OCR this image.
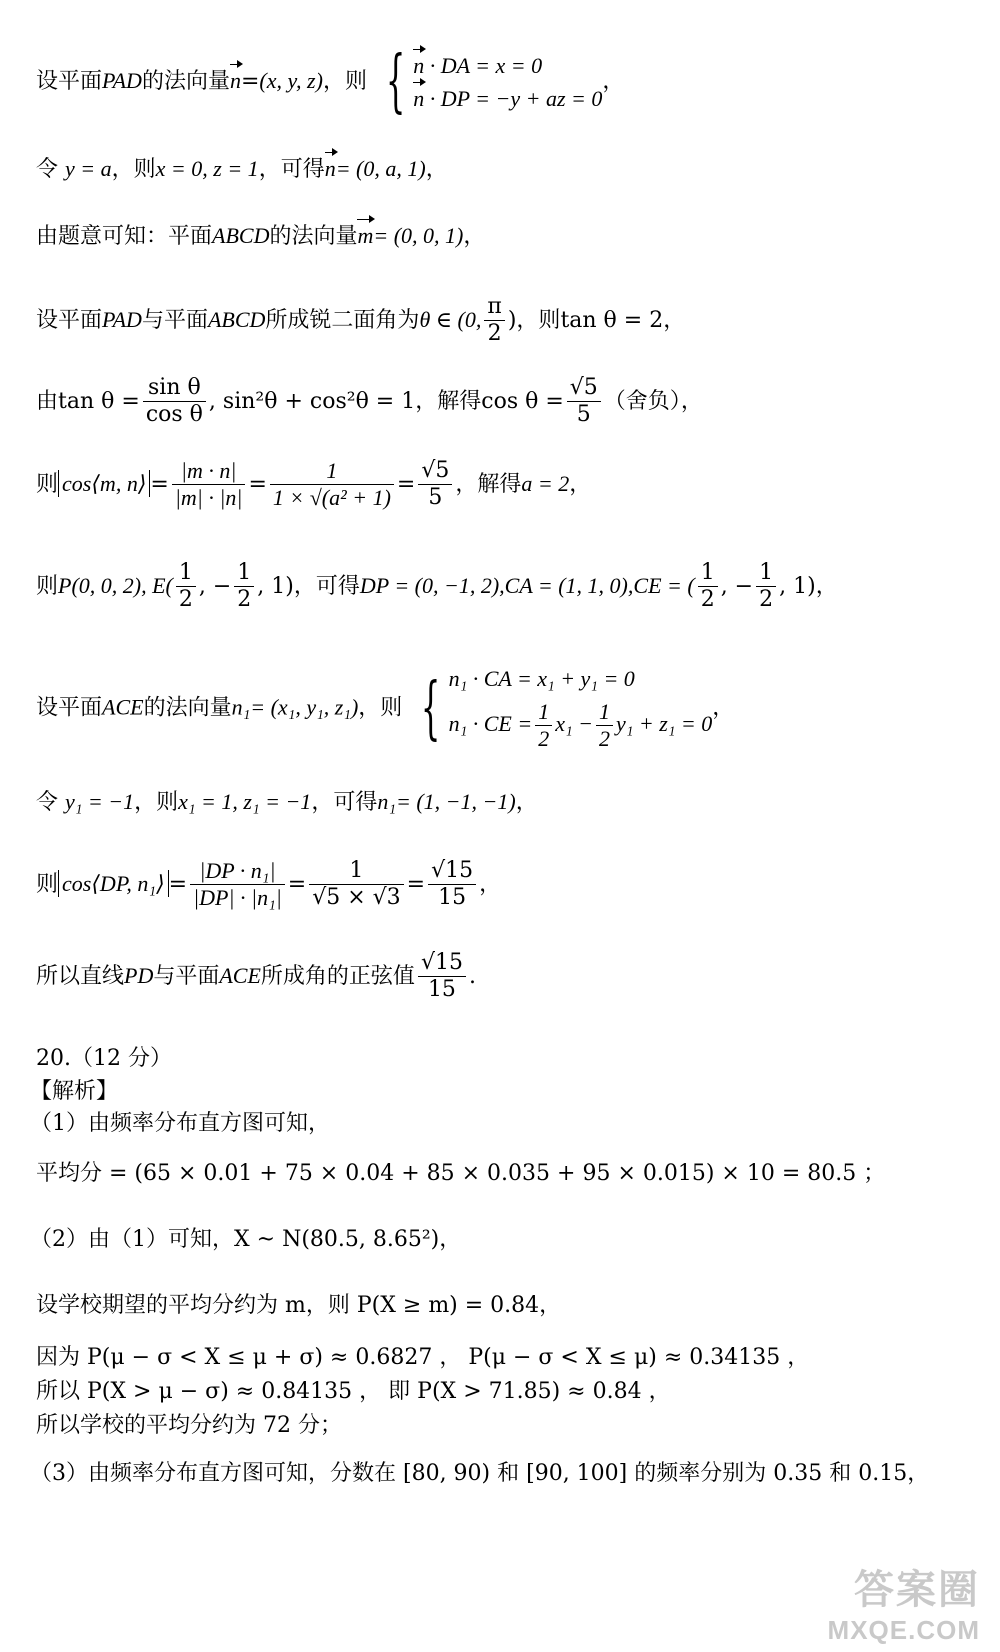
设平面PAD的法向量n=(x, y, z)，则 { n · DA = x = 0
n · DP = −y + az = 0
，
令 y = a，则x = 0, z = 1，可得n= (0, a, 1)，
由题意可知：平面ABCD的法向量m= (0, 0, 1)，
设平面PAD与平面ABCD所成锐二面角为θ ∈ (0, $\frac{\pi}{2}$ )，则tan θ = 2，
由$\tan \theta = \frac{\text{sin θ}}{\text{cos θ}}$ , sin²θ + cos²θ = 1，解得$\cos \theta = \frac{√5}{5}$ （舍负），
则 cos⟨m, n⟩ = $\frac{|m \cdot n|}{|m| \cdot |n|} = \frac{1}{\text{1 × √(a² + 1)}} = \frac{√5}{5}$ ，解得a = 2，
则P(0, 0, 2), $E( \frac{1}{2}$ , − $\frac{1}{2}$ , 1)，可得DP = (0, −1, 2),CA = (1, 1, 0),CE = ( $\frac{1}{2}$ , − $\frac{1}{2}$ , 1)，
设平面ACE的法向量n₁= (x₁, y₁, z₁)，则 { n₁ · CA = x₁ + y₁ = 0
n₁ · CE = $\frac{1}{2} x_1 - \frac{1}{2} y_1 + z_1 = 0$
，
令 y₁ = −1，则x₁ = 1, z₁ = −1，可得n₁= (1, −1, −1)，
则 cos⟨DP, n₁⟩ = $\frac{\text{|DP · n₁|}}{\text{|DP| · |n₁|}} = \frac{1}{√5 \times √3} = \frac{√15}{15}$ ，
所以直线PD与平面ACE所成角的正弦值 $\frac{√15}{15}$ .
20.（12 分）
【解析】
（1）由频率分布直方图可知，
平均分 = (65 × 0.01 + 75 × 0.04 + 85 × 0.035 + 95 × 0.015) × 10 = 80.5 ；
（2）由（1）可知，X ~ N(80.5, 8.65²)，
设学校期望的平均分约为 m，则 P(X ≥ m) = 0.84，
因为 P(μ − σ < X ≤ μ + σ) ≈ 0.6827 ， P(μ − σ < X ≤ μ) ≈ 0.34135 ，
所以 P(X > μ − σ) ≈ 0.84135 ， 即 P(X > 71.85) ≈ 0.84 ，
所以学校的平均分约为 72 分；
（3）由频率分布直方图可知，分数在 [80, 90) 和 [90, 100] 的频率分别为 0.35 和 0.15，
答案圈
MXQE.COM
